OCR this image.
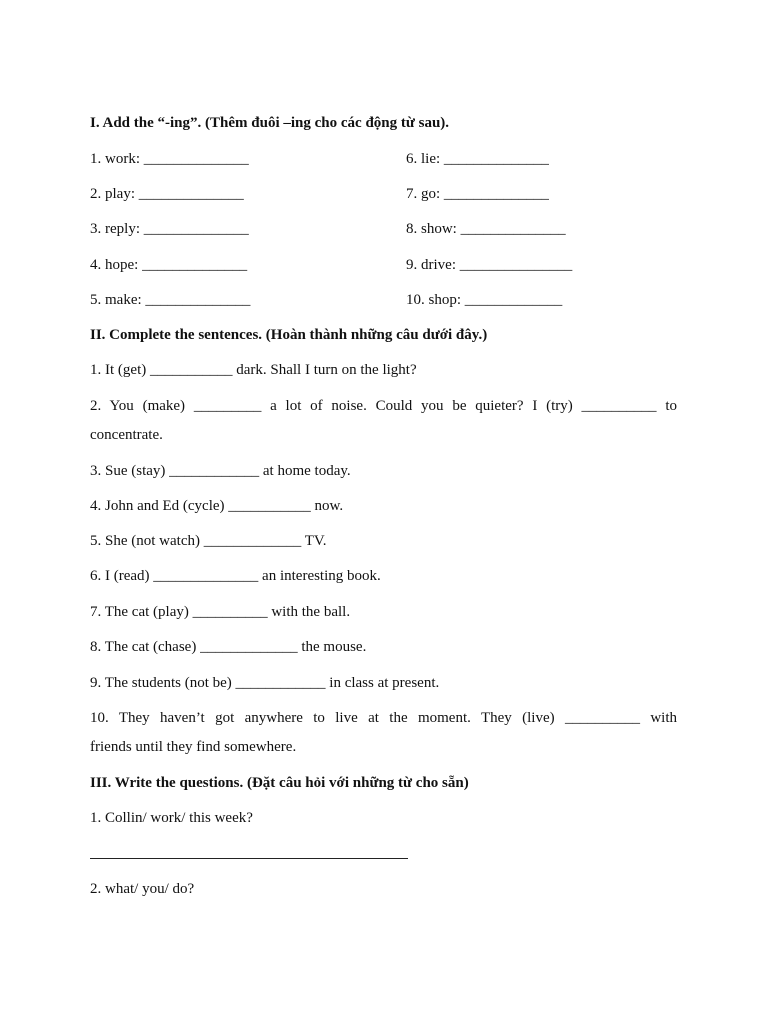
I. Add the “-ing”. (Thêm đuôi –ing cho các động từ sau).
1. work: ______________	6. lie: ______________
2. play: ______________	7. go: ______________
3. reply: ______________	8. show: ______________
4. hope: ______________	9. drive: _______________
5. make: ______________	10. shop: _____________
II. Complete the sentences. (Hoàn thành những câu dưới đây.)
1. It (get) ___________ dark. Shall I turn on the light?
2. You (make) _________ a lot of noise. Could you be quieter? I (try) __________ to
concentrate.
3. Sue (stay) ____________ at home today.
4. John and Ed (cycle) ___________ now.
5. She (not watch) _____________ TV.
6. I (read) ______________ an interesting book.
7. The cat (play) __________ with the ball.
8. The cat (chase) _____________ the mouse.
9. The students (not be) ____________ in class at present.
10. They haven’t got anywhere to live at the moment. They (live) __________ with
friends until they find somewhere.
III. Write the questions. (Đặt câu hỏi với những từ cho sẵn)
1. Collin/ work/ this week?
2. what/ you/ do?
